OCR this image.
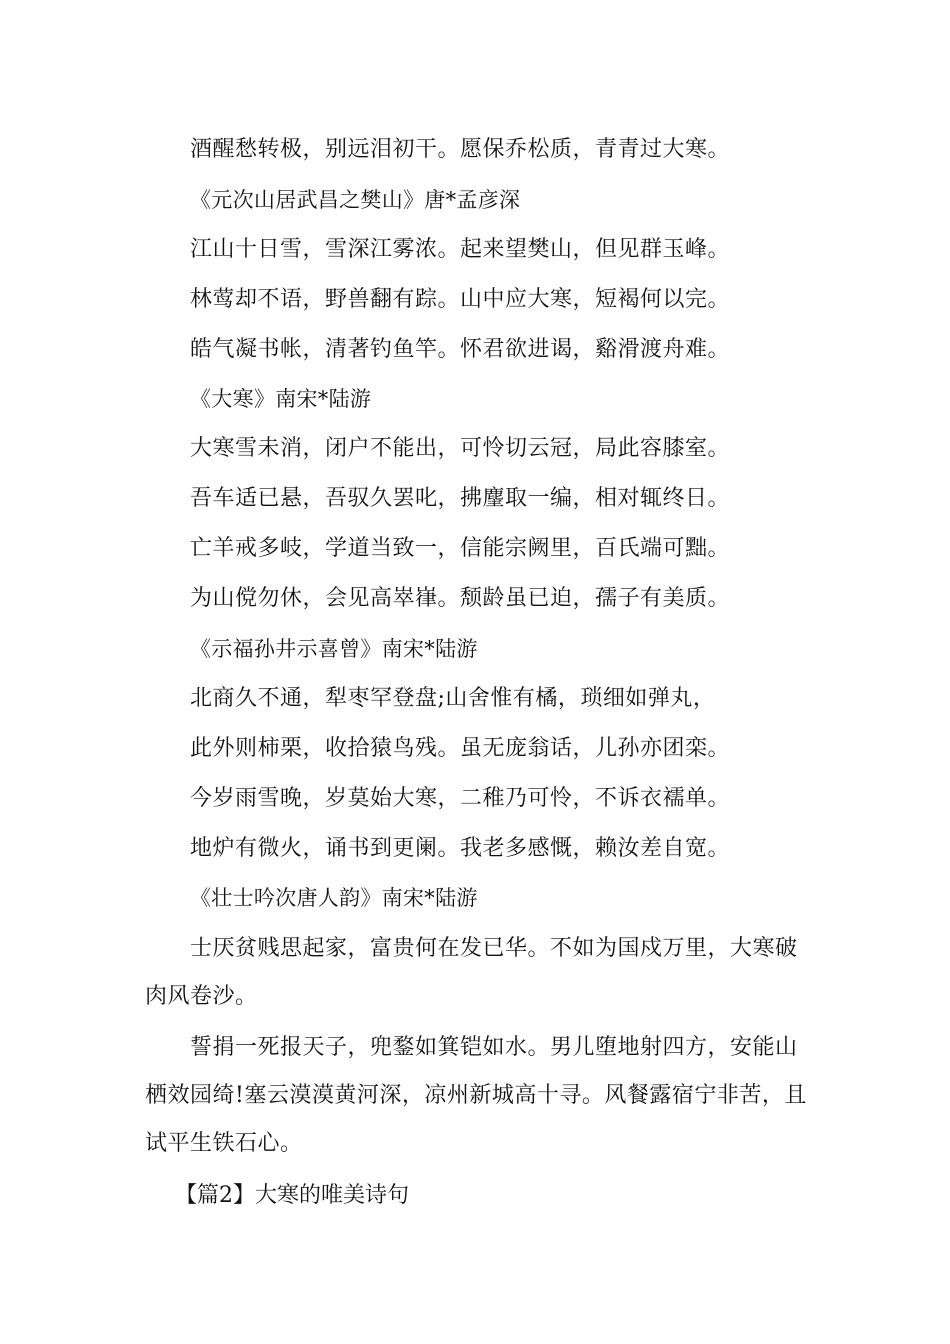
酒醒愁转极，别远泪初干。愿保乔松质，青青过大寒。
《元次山居武昌之樊山》唐*孟彦深
江山十日雪，雪深江雾浓。起来望樊山，但见群玉峰。
林莺却不语，野兽翻有踪。山中应大寒，短褐何以完。
皓气凝书帐，清著钓鱼竿。怀君欲进谒，谿滑渡舟难。
《大寒》南宋*陆游
大寒雪未消，闭户不能出，可怜切云冠，局此容膝室。
吾车适已悬，吾驭久罢叱，拂麈取一编，相对辄终日。
亡羊戒多岐，学道当致一，信能宗阙里，百氏端可黜。
为山傥勿休，会见高崒嵂。颓龄虽已迫，孺子有美质。
《示福孙井示喜曾》南宋*陆游
北商久不通，犁枣罕登盘;山舍惟有橘，琐细如弹丸，
此外则柿栗，收拾猿鸟残。虽无庞翁话，儿孙亦团栾。
今岁雨雪晚，岁莫始大寒，二稚乃可怜，不诉衣襦单。
地炉有微火，诵书到更阑。我老多感慨，赖汝差自宽。
《壮士吟次唐人韵》南宋*陆游
士厌贫贱思起家，富贵何在发已华。不如为国戍万里，大寒破肉风卷沙。
誓捐一死报天子，兜鍪如箕铠如水。男儿堕地射四方，安能山栖效园绮!塞云漠漠黄河深，凉州新城高十寻。风餐露宿宁非苦，且试平生铁石心。
【篇2】大寒的唯美诗句
